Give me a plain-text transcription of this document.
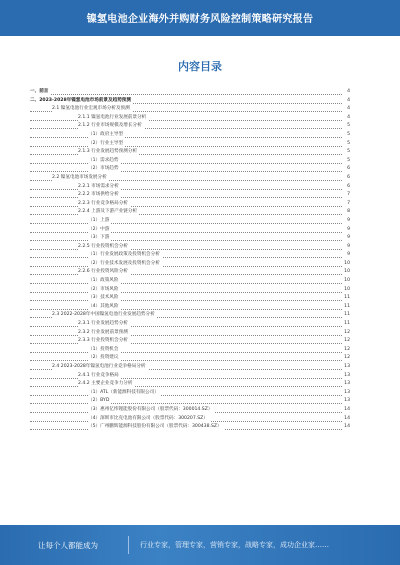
镍氢电池企业海外并购财务风险控制策略研究报告
内容目录
一、前言	4
二、2023-2028年镍氢电池市场前景及趋势预测	4
2.1 镍氢电池行业宏观市场分析及预测	4
2.1.1 镍氢电池行业发展前景分析	4
2.1.2 行业市场规模及增长分析	5
（1）政府主导型	5
（2）行业主导型	5
2.1.3 行业发展趋势预测分析	5
（1）需求趋势	5
（2）市场趋势	6
2.2 镍氢电池市场发展分析	6
2.2.1 市场需求分析	6
2.2.2 市场供给分析	7
2.2.3 行业竞争格局分析	7
2.2.4 上游及下游产业链分析	8
（1）上游	9
（2）中游	9
（3）下游	9
2.2.5 行业投资机会分析	9
（1）行业发展政策及投资机会分析	9
（2）行业技术发展及投资机会分析	10
2.2.6 行业投资风险分析	10
（1）政策风险	10
（2）市场风险	10
（3）技术风险	11
（4）其他风险	11
2.3 2022-2028年中国镍氢电池行业发展趋势分析	11
2.3.1 行业发展趋势分析	11
2.3.2 行业发展前景预测	12
2.3.3 行业投资机会分析	12
（1）投资机会	12
（2）投资建议	12
2.4 2023-2028年镍氢电池行业竞争格局分析	13
2.4.1 行业竞争格局	13
2.4.2 主要企业竞争力分析	13
（1）ATL（新能源科技有限公司）	13
（2）BYD	13
（3）惠州亿纬锂能股份有限公司（股票代码：300014.SZ）	14
（4）深圳市比克电池有限公司（股票代码：300207.SZ）	14
（5）广州鹏辉能源科技股份有限公司（股票代码：300438.SZ）	14
让每个人都能成为	行业专家，管理专家，营销专家，战略专家，成功企业家……
